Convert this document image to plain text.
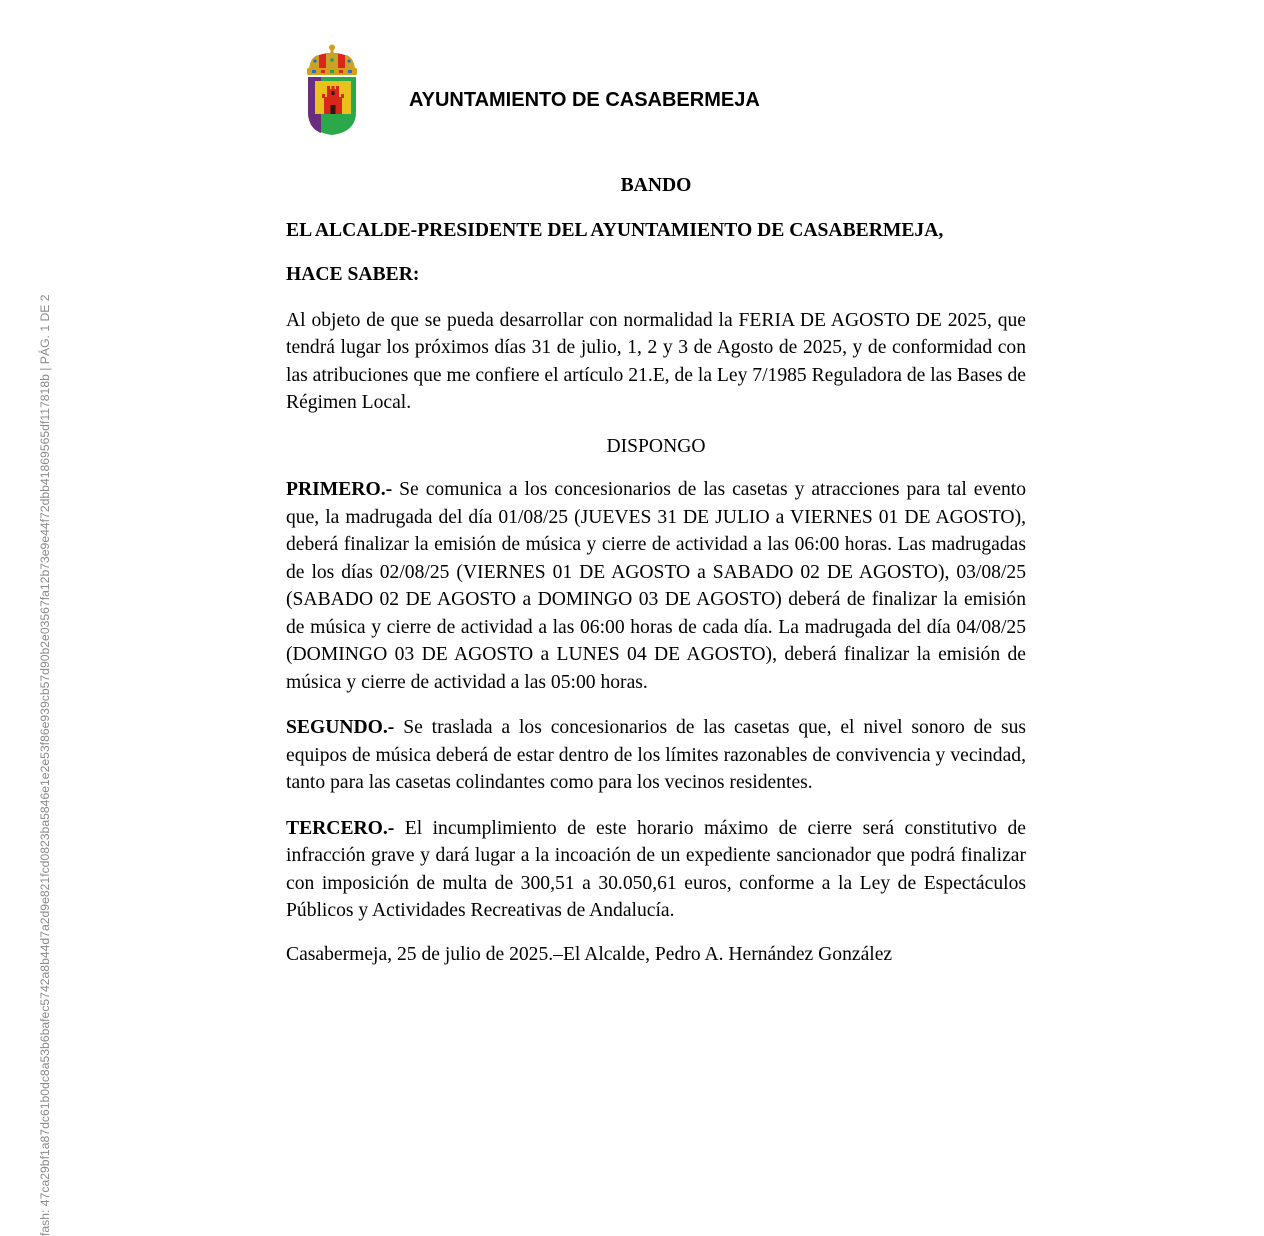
fash: 47ca29bf1a87dc61b0dc8a53b6bafec5742a8b44d7a2d9e821fcd0823ba5846e1e2e53f86e939cb57d90b2e03567fa12b73e9e44f72dbb41869565df117818b | PÁG. 1 DE 2
AYUNTAMIENTO DE CASABERMEJA

BANDO

EL ALCALDE-PRESIDENTE DEL AYUNTAMIENTO DE CASABERMEJA,

HACE SABER:

Al objeto de que se pueda desarrollar con normalidad la FERIA DE AGOSTO DE 2025, que tendrá lugar los próximos días 31 de julio, 1, 2 y 3 de Agosto de 2025, y de conformidad con las atribuciones que me confiere el artículo 21.E, de la Ley 7/1985 Reguladora de las Bases de Régimen Local.

DISPONGO

PRIMERO.- Se comunica a los concesionarios de las casetas y atracciones para tal evento que, la madrugada del día 01/08/25 (JUEVES 31 DE JULIO a VIERNES 01 DE AGOSTO), deberá finalizar la emisión de música y cierre de actividad a las 06:00 horas. Las madrugadas de los días 02/08/25 (VIERNES 01 DE AGOSTO a SABADO 02 DE AGOSTO), 03/08/25 (SABADO 02 DE AGOSTO a DOMINGO 03 DE AGOSTO) deberá de finalizar la emisión de música y cierre de actividad a las 06:00 horas de cada día. La madrugada del día 04/08/25 (DOMINGO 03 DE AGOSTO a LUNES 04 DE AGOSTO), deberá finalizar la emisión de música y cierre de actividad a las 05:00 horas.

SEGUNDO.- Se traslada a los concesionarios de las casetas que, el nivel sonoro de sus equipos de música deberá de estar dentro de los límites razonables de convivencia y vecindad, tanto para las casetas colindantes como para los vecinos residentes.

TERCERO.- El incumplimiento de este horario máximo de cierre será constitutivo de infracción grave y dará lugar a la incoación de un expediente sancionador que podrá finalizar con imposición de multa de 300,51 a 30.050,61 euros, conforme a la Ley de Espectáculos Públicos y Actividades Recreativas de Andalucía.

Casabermeja, 25 de julio de 2025.–El Alcalde, Pedro A. Hernández González
